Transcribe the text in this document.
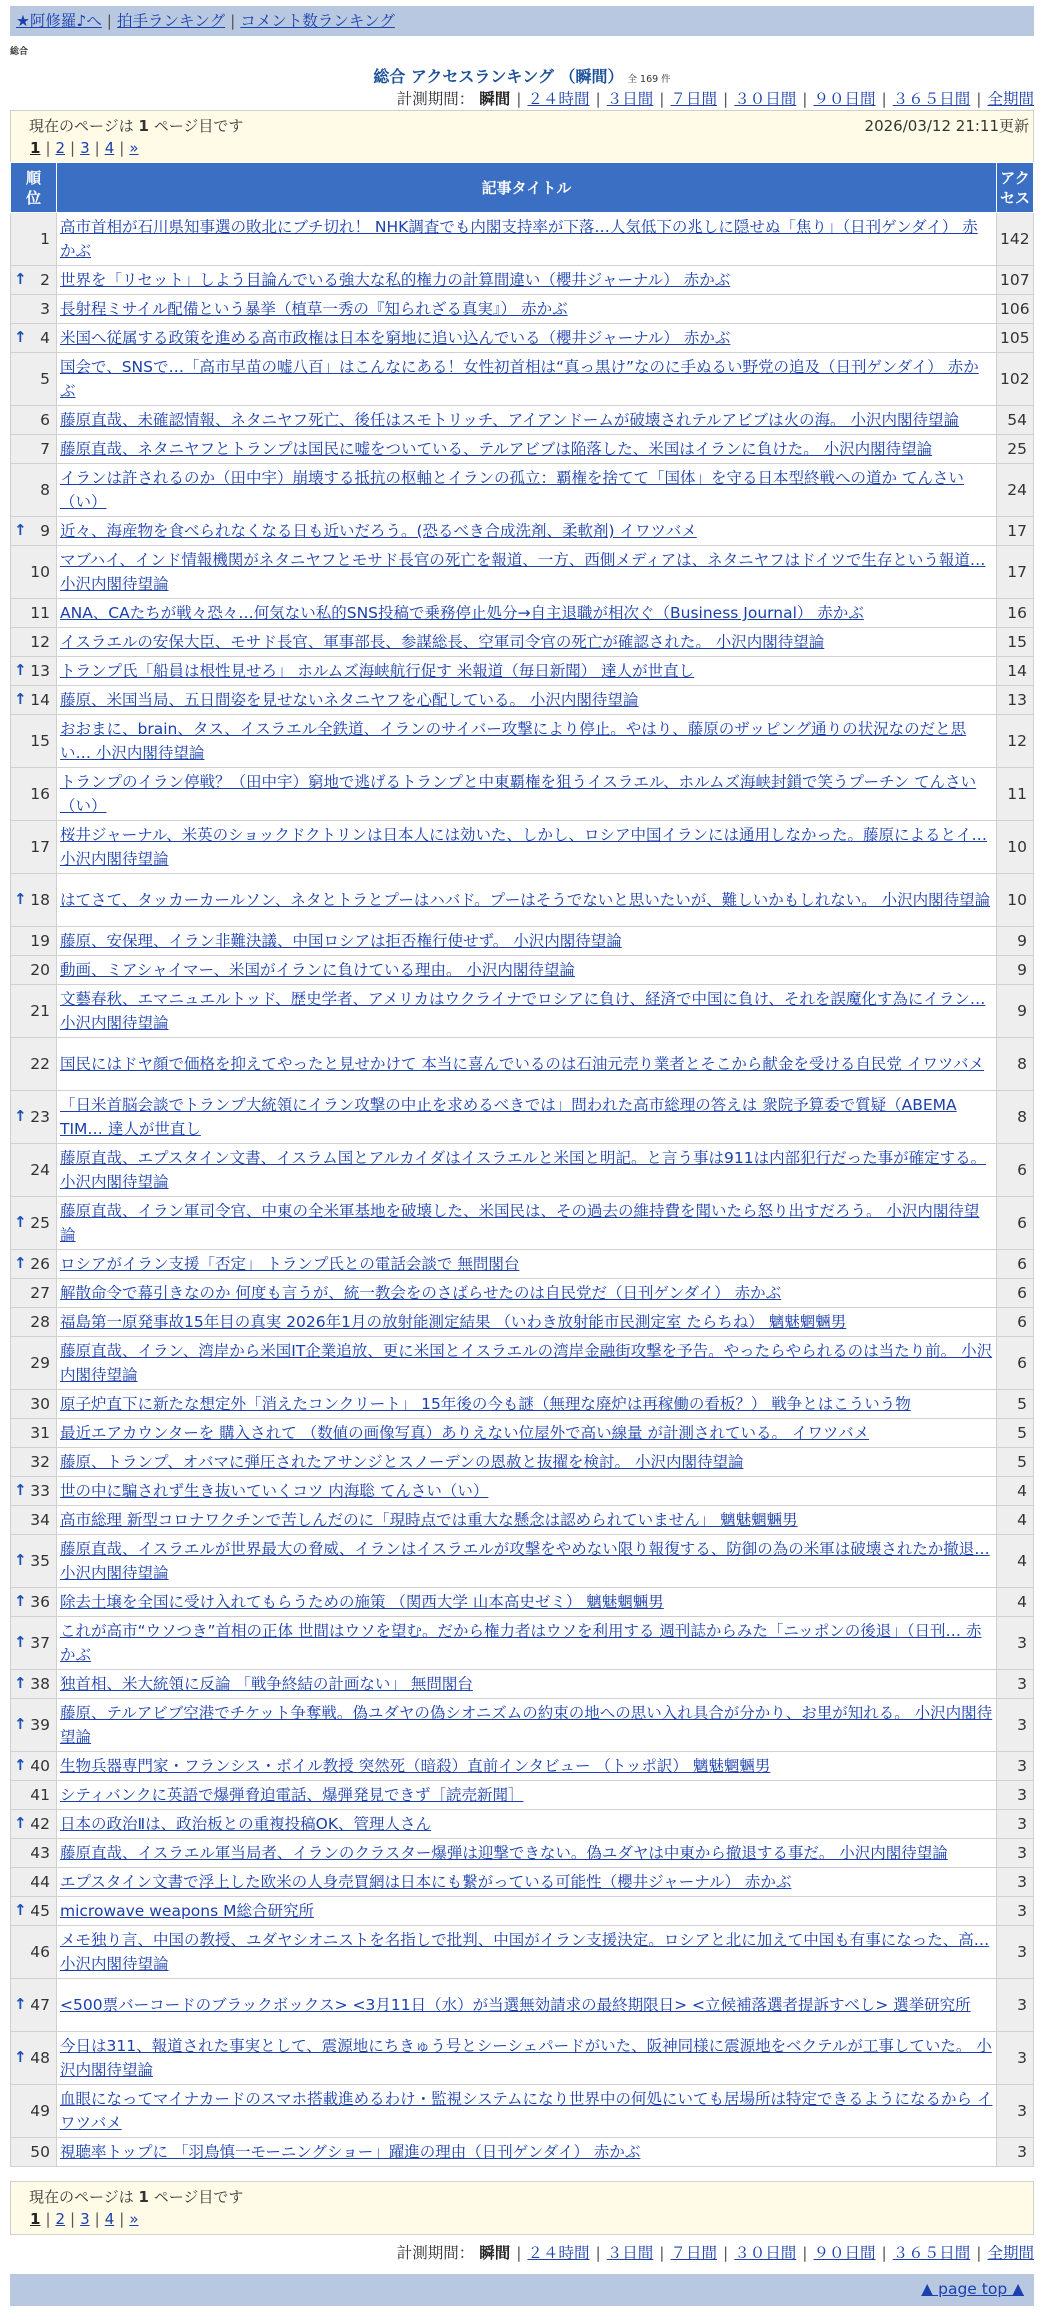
★阿修羅♪へ | 拍手ランキング | コメント数ランキング
総合
総合 アクセスランキング （瞬間） 全 169 件
計測期間： 瞬間 | ２４時間 | ３日間 | ７日間 | ３０日間 | ９０日間 | ３６５日間 | 全期間
現在のページは 1 ページ目です	2026/03/12 21:11更新
1 | 2 | 3 | 4 | »
順位	記事タイトル	アクセス

1	高市首相が石川県知事選の敗北にブチ切れ！ NHK調査でも内閣支持率が下落…人気低下の兆しに隠せぬ「焦り」（日刊ゲンダイ） 赤かぶ	142

↑ 2	世界を「リセット」しよう目論んでいる強大な私的権力の計算間違い（櫻井ジャーナル） 赤かぶ	107
3	長射程ミサイル配備という暴挙（植草一秀の『知られざる真実』） 赤かぶ	106

↑ 4	米国へ従属する政策を進める高市政権は日本を窮地に追い込んでいる（櫻井ジャーナル） 赤かぶ	105
5	国会で、SNSで…「高市早苗の嘘八百」はこんなにある！女性初首相は“真っ黒け”なのに手ぬるい野党の追及（日刊ゲンダイ） 赤かぶ	102
6	藤原直哉、未確認情報、ネタニヤフ死亡、後任はスモトリッチ、アイアンドームが破壊されテルアビブは火の海。 小沢内閣待望論	54
7	藤原直哉、ネタニヤフとトランプは国民に嘘をついている、テルアビブは陥落した、米国はイランに負けた。 小沢内閣待望論	25
8	イランは許されるのか（田中宇）崩壊する抵抗の枢軸とイランの孤立：覇権を捨てて「国体」を守る日本型終戦への道か てんさい（い）	24

↑ 9	近々、海産物を食べられなくなる日も近いだろう。(恐るべき合成洗剤、柔軟剤) イワツバメ	17
10	マブハイ、インド情報機関がネタニヤフとモサド長官の死亡を報道、一方、西側メディアは、ネタニヤフはドイツで生存という報道… 小沢内閣待望論	17
11	ANA、CAたちが戦々恐々…何気ない私的SNS投稿で乗務停止処分→自主退職が相次ぐ（Business Journal） 赤かぶ	16
12	イスラエルの安保大臣、モサド長官、軍事部長、参謀総長、空軍司令官の死亡が確認された。 小沢内閣待望論	15

↑ 13	トランプ氏「船員は根性見せろ」 ホルムズ海峡航行促す 米報道（毎日新聞） 達人が世直し	14

↑ 14	藤原、米国当局、五日間姿を見せないネタニヤフを心配している。 小沢内閣待望論	13
15	おおまに、brain、タス、イスラエル全鉄道、イランのサイバー攻撃により停止。やはり、藤原のザッピング通りの状況なのだと思い… 小沢内閣待望論	12
16	トランプのイラン停戦？（田中宇）窮地で逃げるトランプと中東覇権を狙うイスラエル、ホルムズ海峡封鎖で笑うプーチン てんさい（い）	11
17	桜井ジャーナル、米英のショックドクトリンは日本人には効いた、しかし、ロシア中国イランには通用しなかった。藤原によるとイ… 小沢内閣待望論	10

↑ 18	はてさて、タッカーカールソン、ネタとトラとプーはハバド。プーはそうでないと思いたいが、難しいかもしれない。 小沢内閣待望論	10
19	藤原、安保理、イラン非難決議、中国ロシアは拒否権行使せず。 小沢内閣待望論	9
20	動画、ミアシャイマー、米国がイランに負けている理由。 小沢内閣待望論	9
21	文藝春秋、エマニュエルトッド、歴史学者、アメリカはウクライナでロシアに負け、経済で中国に負け、それを誤魔化す為にイラン… 小沢内閣待望論	9
22	国民にはドヤ顔で価格を抑えてやったと見せかけて 本当に喜んでいるのは石油元売り業者とそこから献金を受ける自民党 イワツバメ	8

↑ 23	「日米首脳会談でトランプ大統領にイラン攻撃の中止を求めるべきでは」問われた高市総理の答えは 衆院予算委で質疑（ABEMA TIM… 達人が世直し	8
24	藤原直哉、エプスタイン文書、イスラム国とアルカイダはイスラエルと米国と明記。と言う事は911は内部犯行だった事が確定する。 小沢内閣待望論	6

↑ 25	藤原直哉、イラン軍司令官、中東の全米軍基地を破壊した、米国民は、その過去の維持費を聞いたら怒り出すだろう。 小沢内閣待望論	6

↑ 26	ロシアがイラン支援「否定」 トランプ氏との電話会談で 無問閣台	6
27	解散命令で幕引きなのか 何度も言うが、統一教会をのさばらせたのは自民党だ（日刊ゲンダイ） 赤かぶ	6
28	福島第一原発事故15年目の真実 2026年1月の放射能測定結果 （いわき放射能市民測定室 たらちね） 魑魅魍魎男	6
29	藤原直哉、イラン、湾岸から米国IT企業追放、更に米国とイスラエルの湾岸金融街攻撃を予告。やったらやられるのは当たり前。 小沢内閣待望論	6
30	原子炉直下に新たな想定外「消えたコンクリート」 15年後の今も謎（無理な廃炉は再稼働の看板？） 戦争とはこういう物	5
31	最近エアカウンターを 購入されて （数値の画像写真）ありえない位屋外で高い線量 が計測されている。 イワツバメ	5
32	藤原、トランプ、オバマに弾圧されたアサンジとスノーデンの恩赦と抜擢を検討。 小沢内閣待望論	5

↑ 33	世の中に騙されず生き抜いていくコツ 内海聡 てんさい（い）	4
34	高市総理 新型コロナワクチンで苦しんだのに「現時点では重大な懸念は認められていません」 魑魅魍魎男	4

↑ 35	藤原直哉、イスラエルが世界最大の脅威、イランはイスラエルが攻撃をやめない限り報復する、防御の為の米軍は破壊されたか撤退… 小沢内閣待望論	4

↑ 36	除去土壌を全国に受け入れてもらうための施策 （関西大学 山本高史ゼミ） 魑魅魍魎男	4

↑ 37	これが高市“ウソつき”首相の正体 世間はウソを望む。だから権力者はウソを利用する 週刊誌からみた「ニッポンの後退」（日刊… 赤かぶ	3

↑ 38	独首相、米大統領に反論 「戦争終結の計画ない」 無問閣台	3

↑ 39	藤原、テルアビブ空港でチケット争奪戦。偽ユダヤの偽シオニズムの約束の地への思い入れ具合が分かり、お里が知れる。 小沢内閣待望論	3

↑ 40	生物兵器専門家・フランシス・ボイル教授 突然死（暗殺）直前インタビュー （トッポ訳） 魑魅魍魎男	3
41	シティバンクに英語で爆弾脅迫電話、爆弾発見できず［読売新聞］	3

↑ 42	日本の政治Ⅱは、政治板との重複投稿OK、管理人さん	3
43	藤原直哉、イスラエル軍当局者、イランのクラスター爆弾は迎撃できない。偽ユダヤは中東から撤退する事だ。 小沢内閣待望論	3
44	エプスタイン文書で浮上した欧米の人身売買網は日本にも繋がっている可能性（櫻井ジャーナル） 赤かぶ	3

↑ 45	microwave weapons M総合研究所	3
46	メモ独り言、中国の教授、ユダヤシオニストを名指しで批判、中国がイラン支援決定。ロシアと北に加えて中国も有事になった、高… 小沢内閣待望論	3

↑ 47	<500票バーコードのブラックボックス> <3月11日（水）が当選無効請求の最終期限日> <立候補落選者提訴すべし> 選挙研究所	3

↑ 48	今日は311、報道された事実として、震源地にちきゅう号とシーシェパードがいた、阪神同様に震源地をベクテルが工事していた。 小沢内閣待望論	3
49	血眼になってマイナカードのスマホ搭載進めるわけ・監視システムになり世界中の何処にいても居場所は特定できるようになるから イワツバメ	3
50	視聴率トップに 「羽鳥慎一モーニングショー」躍進の理由（日刊ゲンダイ） 赤かぶ	3
現在のページは 1 ページ目です
1 | 2 | 3 | 4 | »
計測期間： 瞬間 | ２４時間 | ３日間 | ７日間 | ３０日間 | ９０日間 | ３６５日間 | 全期間
▲ page top ▲
